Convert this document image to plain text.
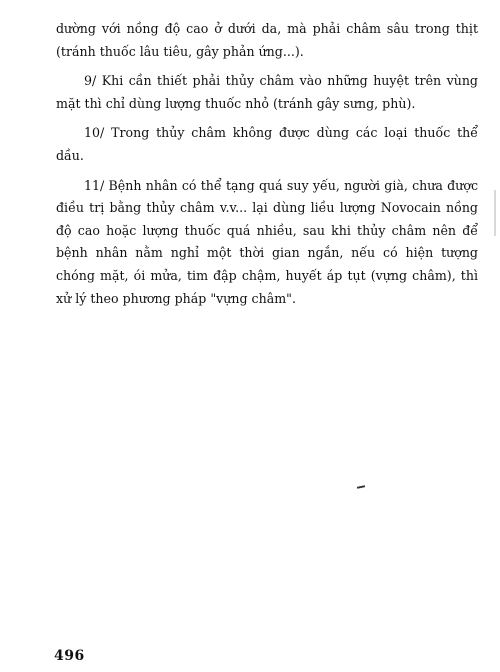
dường với nồng độ cao ở dưới da, mà phải châm sâu trong thịt (tránh thuốc lâu tiêu, gây phản ứng...).

9/ Khi cần thiết phải thủy châm vào những huyệt trên vùng mặt thì chỉ dùng lượng thuốc nhỏ (tránh gây sưng, phù).

10/ Trong thủy châm không được dùng các loại thuốc thể dầu.

11/ Bệnh nhân có thể tạng quá suy yếu, người già, chưa được điều trị bằng thủy châm v.v... lại dùng liều lượng Novocain nồng độ cao hoặc lượng thuốc quá nhiều, sau khi thủy châm nên để bệnh nhân nằm nghỉ một thời gian ngắn, nếu có hiện tượng chóng mặt, ói mửa, tim đập chậm, huyết áp tụt (vựng châm), thì xử lý theo phương pháp "vựng châm".

496
